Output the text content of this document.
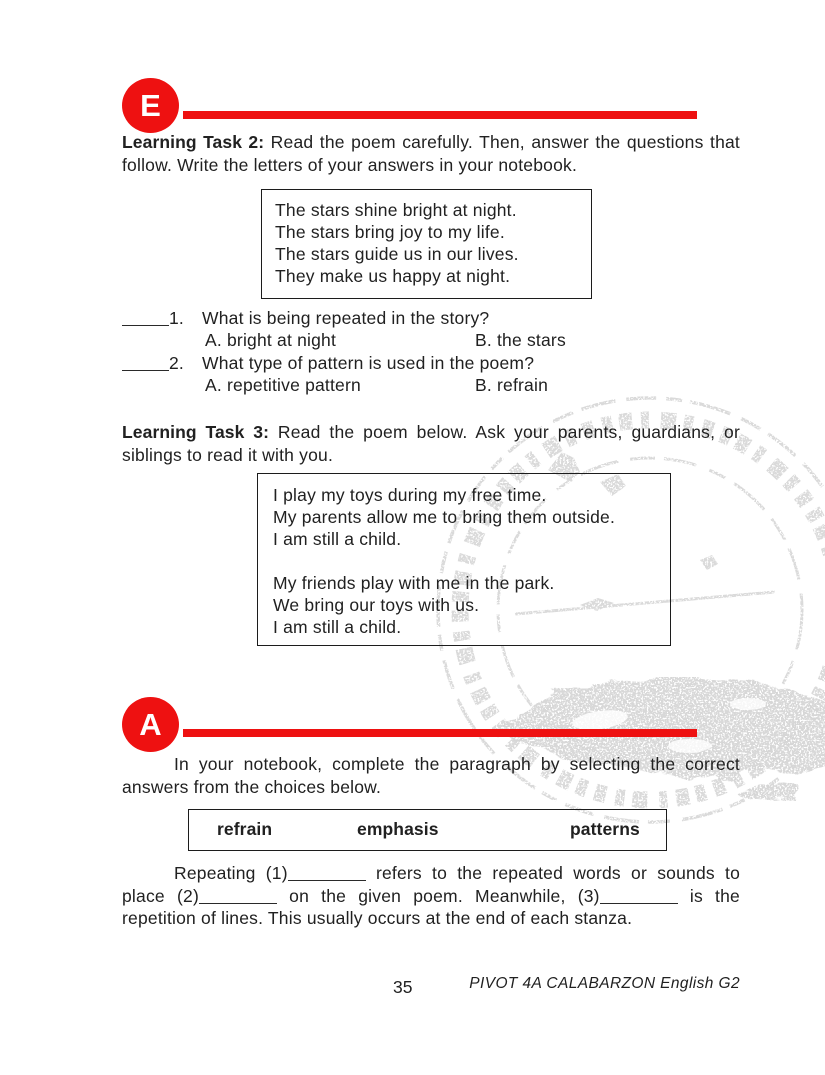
E

Learning Task 2: Read the poem carefully. Then, answer the questions that follow. Write the letters of your answers in your notebook.

The stars shine bright at night.
The stars bring joy to my life.
The stars guide us in our lives.
They make us happy at night.
1. What is being repeated in the story?
A. bright at night	B. the stars
2. What type of pattern is used in the poem?
A. repetitive pattern	B. refrain

Learning Task 3: Read the poem below. Ask your parents, guardians, or siblings to read it with you.

I play my toys during my free time.
My parents allow me to bring them outside.
I am still a child.
My friends play with me in the park.
We bring our toys with us.
I am still a child.
A

In your notebook, complete the paragraph by selecting the correct answers from the choices below.

refrain	emphasis	patterns

Repeating (1)	refers to the repeated words or sounds to place (2)	on the given poem. Meanwhile, (3)	is the repetition of lines. This usually occurs at the end of each stanza.

35	PIVOT 4A CALABARZON English G2
